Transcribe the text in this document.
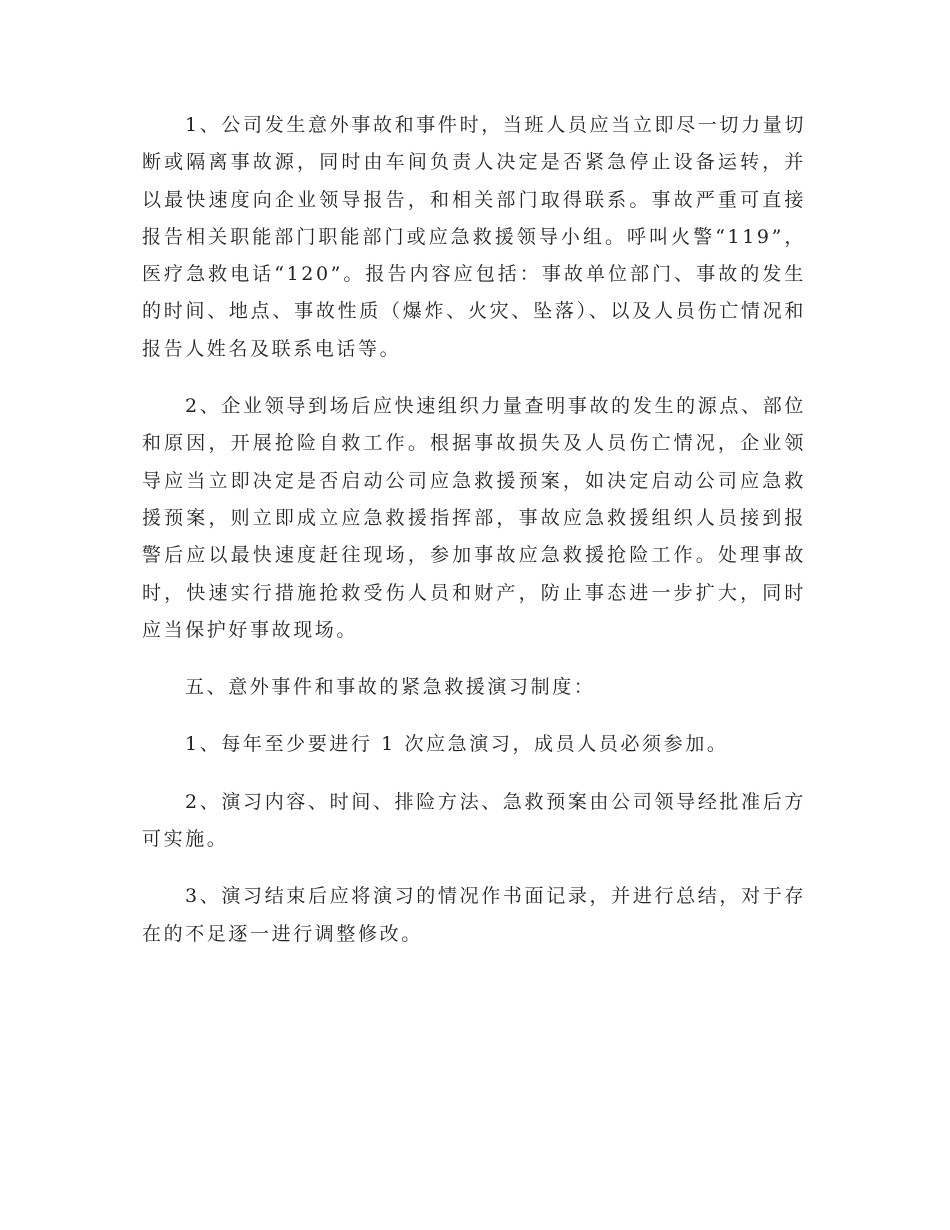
1、公司发生意外事故和事件时，当班人员应当立即尽一切力量切断或隔离事故源，同时由车间负责人决定是否紧急停止设备运转，并以最快速度向企业领导报告，和相关部门取得联系。事故严重可直接报告相关职能部门职能部门或应急救援领导小组。呼叫火警“119”，医疗急救电话“120”。报告内容应包括：事故单位部门、事故的发生的时间、地点、事故性质（爆炸、火灾、坠落）、以及人员伤亡情况和报告人姓名及联系电话等。

2、企业领导到场后应快速组织力量查明事故的发生的源点、部位和原因，开展抢险自救工作。根据事故损失及人员伤亡情况，企业领导应当立即决定是否启动公司应急救援预案，如决定启动公司应急救援预案，则立即成立应急救援指挥部，事故应急救援组织人员接到报警后应以最快速度赶往现场，参加事故应急救援抢险工作。处理事故时，快速实行措施抢救受伤人员和财产，防止事态进一步扩大，同时应当保护好事故现场。

五、意外事件和事故的紧急救援演习制度：

1、每年至少要进行 1 次应急演习，成员人员必须参加。

2、演习内容、时间、排险方法、急救预案由公司领导经批准后方可实施。

3、演习结束后应将演习的情况作书面记录，并进行总结，对于存在的不足逐一进行调整修改。
